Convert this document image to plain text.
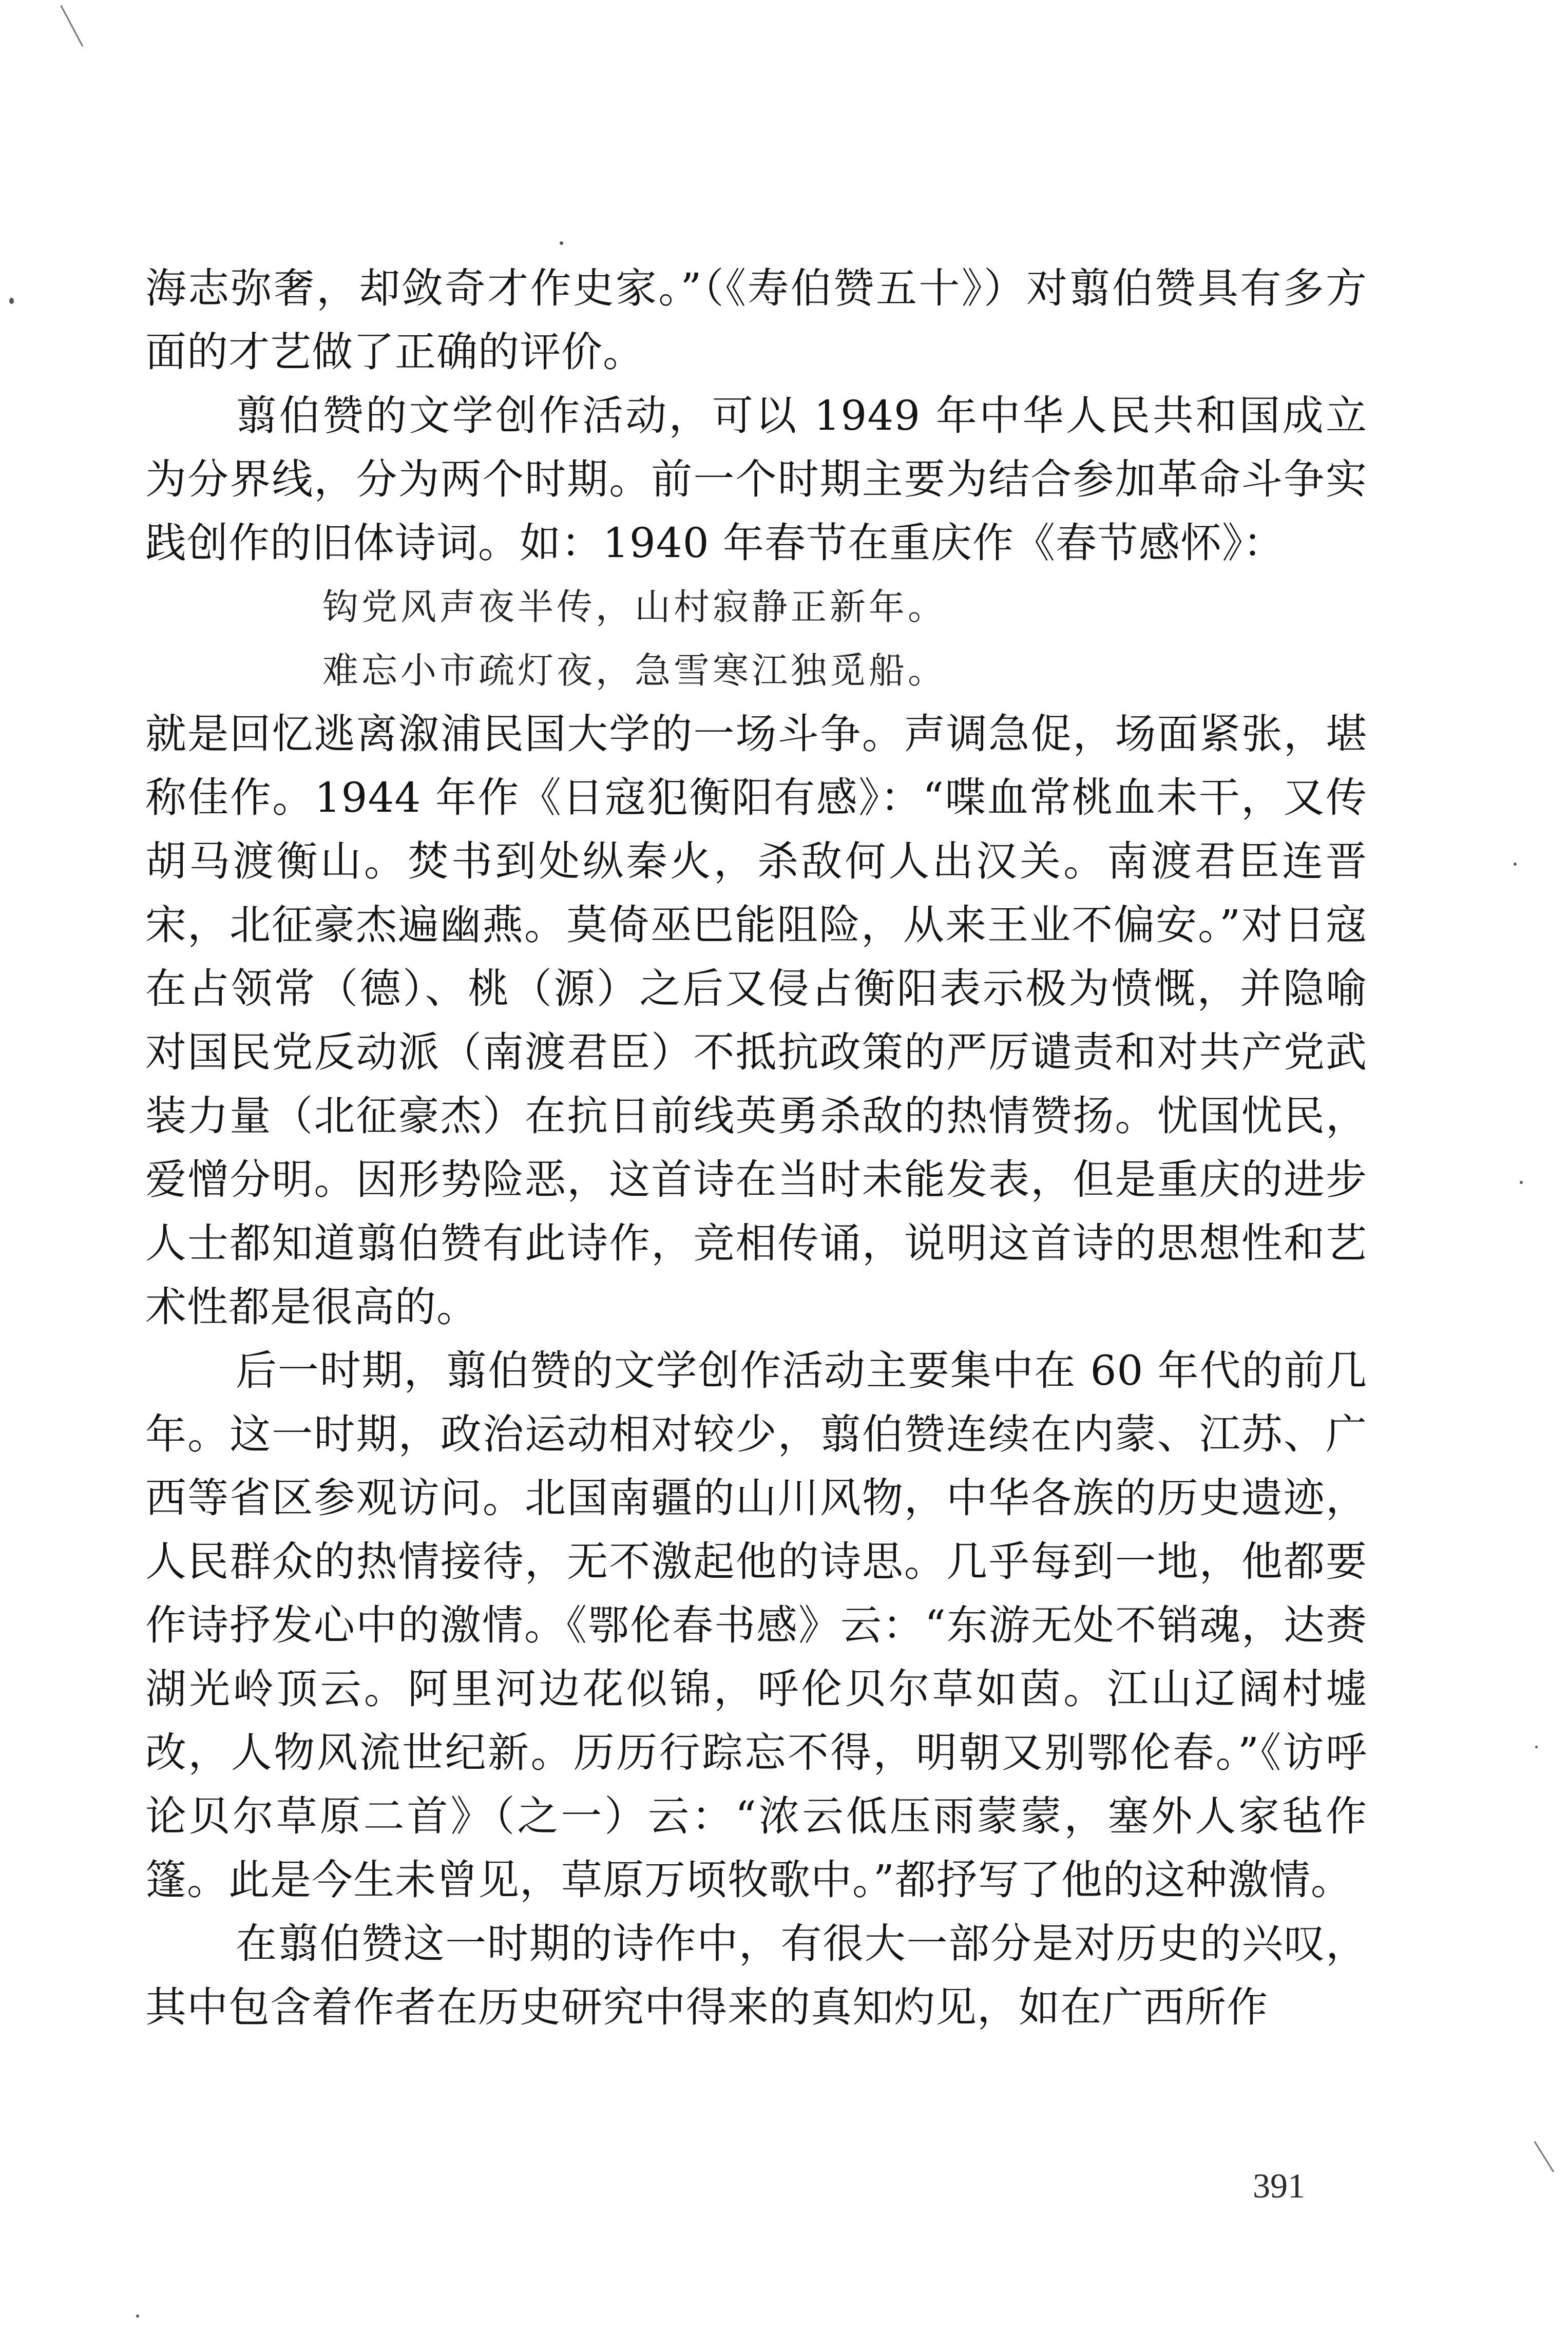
海志弥奢，却敛奇才作史家。”（《寿伯赞五十》）对翦伯赞具有多方面的才艺做了正确的评价。

翦伯赞的文学创作活动，可以 1949 年中华人民共和国成立为分界线，分为两个时期。前一个时期主要为结合参加革命斗争实践创作的旧体诗词。如：1940 年春节在重庆作《春节感怀》：

钩党风声夜半传，山村寂静正新年。

难忘小市疏灯夜，急雪寒江独觅船。

就是回忆逃离溆浦民国大学的一场斗争。声调急促，场面紧张，堪称佳作。1944 年作《日寇犯衡阳有感》：“喋血常桃血未干，又传胡马渡衡山。焚书到处纵秦火，杀敌何人出汉关。南渡君臣连晋宋，北征豪杰遍幽燕。莫倚巫巴能阻险，从来王业不偏安。”对日寇在占领常（德）、桃（源）之后又侵占衡阳表示极为愤慨，并隐喻对国民党反动派（南渡君臣）不抵抗政策的严厉谴责和对共产党武装力量（北征豪杰）在抗日前线英勇杀敌的热情赞扬。忧国忧民，爱憎分明。因形势险恶，这首诗在当时未能发表，但是重庆的进步人士都知道翦伯赞有此诗作，竞相传诵，说明这首诗的思想性和艺术性都是很高的。

后一时期，翦伯赞的文学创作活动主要集中在 60 年代的前几年。这一时期，政治运动相对较少，翦伯赞连续在内蒙、江苏、广西等省区参观访问。北国南疆的山川风物，中华各族的历史遗迹，人民群众的热情接待，无不激起他的诗思。几乎每到一地，他都要作诗抒发心中的激情。《鄂伦春书感》云：“东游无处不销魂，达赉湖光岭顶云。阿里河边花似锦，呼伦贝尔草如茵。江山辽阔村墟改，人物风流世纪新。历历行踪忘不得，明朝又别鄂伦春。”《访呼论贝尔草原二首》（之一）云：“浓云低压雨蒙蒙，塞外人家毡作篷。此是今生未曾见，草原万顷牧歌中。”都抒写了他的这种激情。

在翦伯赞这一时期的诗作中，有很大一部分是对历史的兴叹，其中包含着作者在历史研究中得来的真知灼见，如在广西所作

391
